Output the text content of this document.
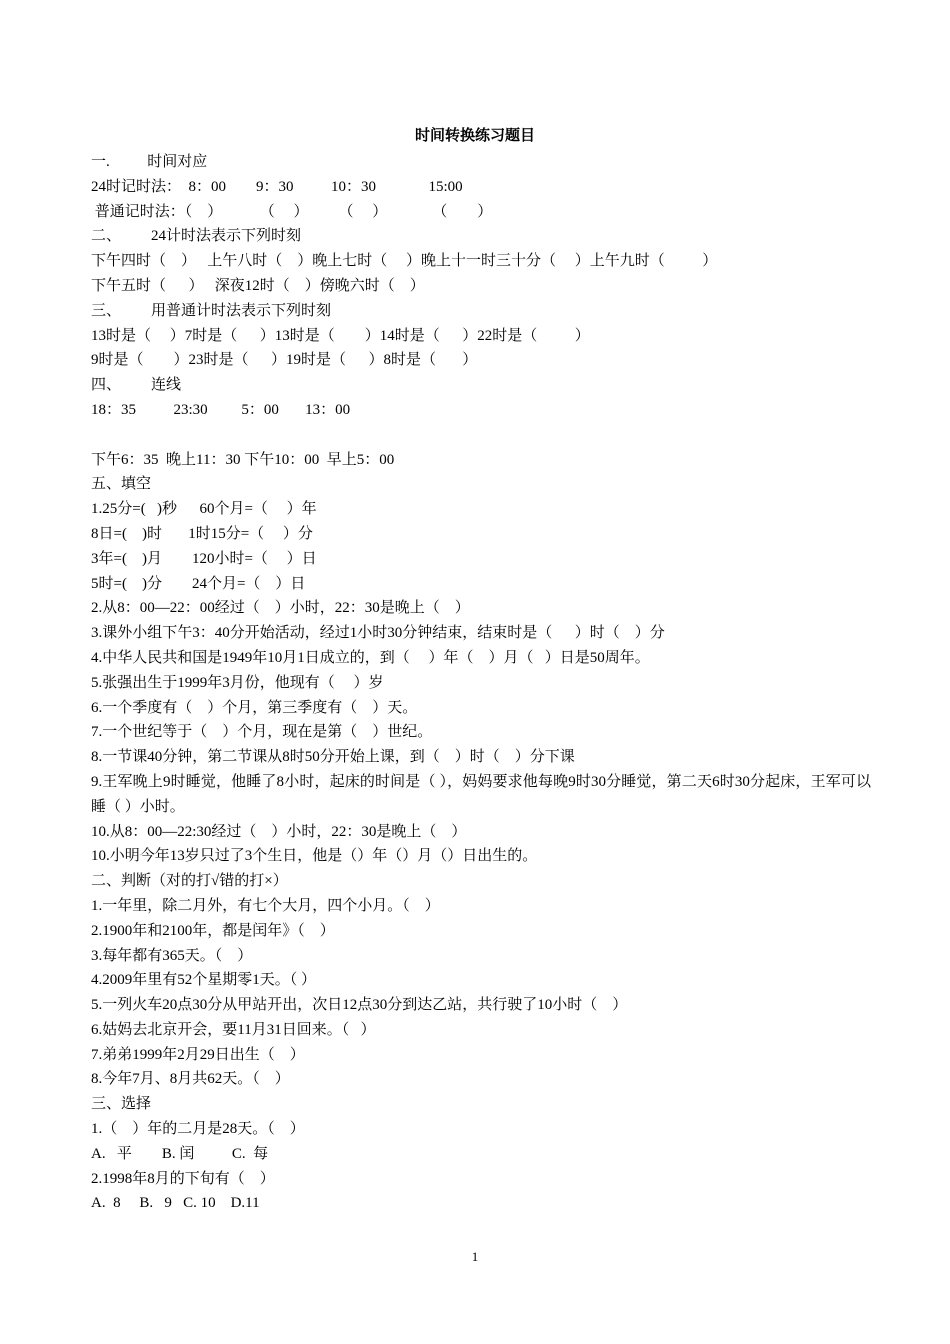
时间转换练习题目
一.          时间对应
24时记时法：  8：00        9：30          10：30              15:00
普通记时法：（    ）          （     ）        （     ）            （        ）
二、        24计时法表示下列时刻
下午四时（    ）   上午八时（    ）晚上七时（     ）晚上十一时三十分（     ）上午九时（          ）
下午五时（      ）   深夜12时（    ）傍晚六时（    ）
三、        用普通计时法表示下列时刻
13时是（     ）7时是（      ）13时是（        ）14时是（      ）22时是（          ）
9时是（        ）23时是（      ）19时是（      ）8时是（       ）
四、        连线
18：35          23:30         5：00       13：00
下午6：35  晚上11：30 下午10：00  早上5：00
五、填空
1.25分=(   )秒      60个月=（     ）年
8日=(    )时       1时15分=（     ）分
3年=(    )月        120小时=（     ）日
5时=(    )分        24个月=（    ）日
2.从8：00—22：00经过（    ）小时，22：30是晚上（    ）
3.课外小组下午3：40分开始活动，经过1小时30分钟结束，结束时是（      ）时（    ）分
4.中华人民共和国是1949年10月1日成立的，到（     ）年（    ）月（   ）日是50周年。
5.张强出生于1999年3月份，他现有（     ）岁
6.一个季度有（    ）个月，第三季度有（    ）天。
7.一个世纪等于（    ）个月，现在是第（    ）世纪。
8.一节课40分钟，第二节课从8时50分开始上课，到（    ）时（    ）分下课
9.王军晚上9时睡觉，他睡了8小时，起床的时间是（ ），妈妈要求他每晚9时30分睡觉，第二天6时30分起床，王军可以睡（ ）小时。
10.从8：00—22:30经过（    ）小时，22：30是晚上（    ）
10.小明今年13岁只过了3个生日，他是（）年（）月（）日出生的。
二、判断（对的打√错的打×）
1.一年里，除二月外，有七个大月，四个小月。（    ）
2.1900年和2100年，都是闰年》（    ）
3.每年都有365天。（    ）
4.2009年里有52个星期零1天。（ ）
5.一列火车20点30分从甲站开出，次日12点30分到达乙站，共行驶了10小时（    ）
6.姑妈去北京开会，要11月31日回来。（   ）
7.弟弟1999年2月29日出生（    ）
8.今年7月、8月共62天。（    ）
三、选择
1.（    ）年的二月是28天。（    ）
A.   平        B. 闰          C.  每
2.1998年8月的下旬有（    ）
A.  8     B.   9   C. 10    D.11
1
